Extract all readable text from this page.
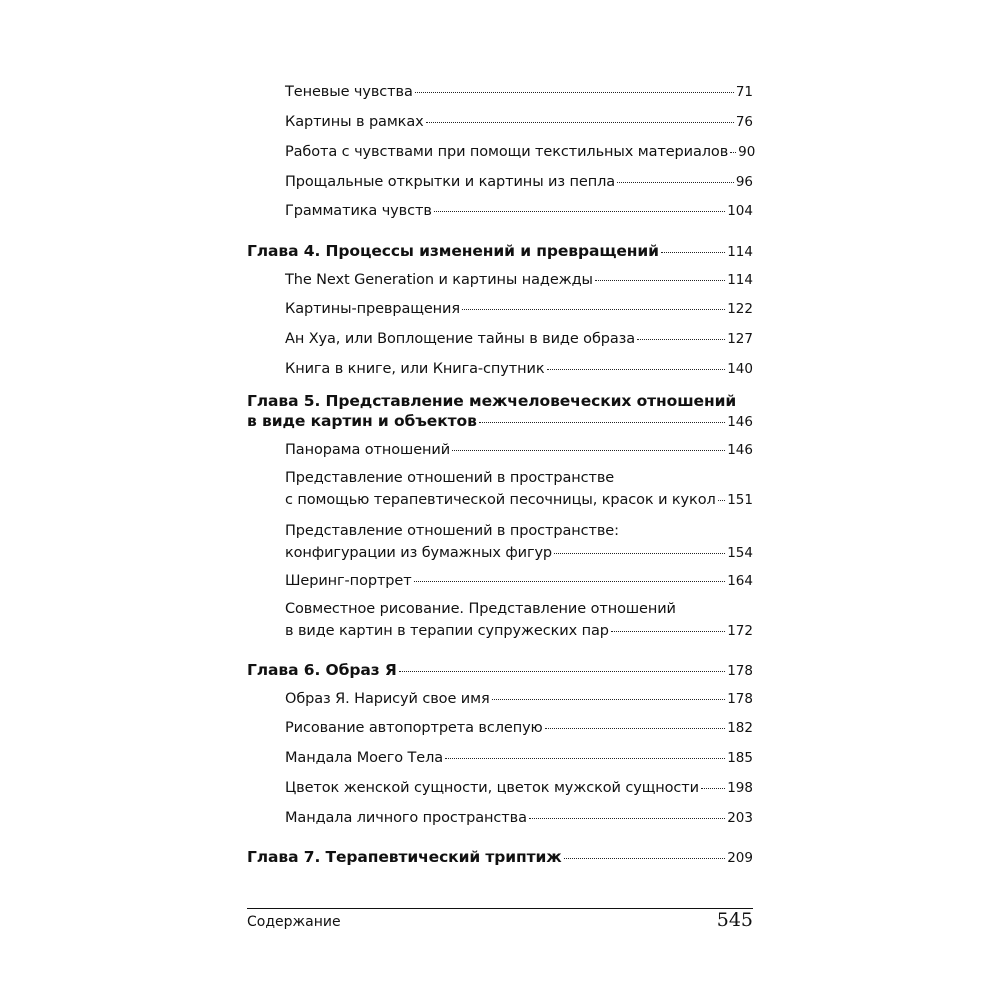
Теневые чувства	71
Картины в рамках	76
Работа с чувствами при помощи текстильных материалов 90
Прощальные открытки и картины из пепла	96
Грамматика чувств	104
Глава 4. Процессы изменений и превращений	114
The Next Generation и картины надежды	114
Картины-превращения	122
Ан Хуа, или Воплощение тайны в виде образа	127
Книга в книге, или Книга-спутник	140
Глава 5. Представление межчеловеческих отношений
в виде картин и объектов	146
Панорама отношений	146
Представление отношений в пространстве
с помощью терапевтической песочницы, красок и кукол 151
Представление отношений в пространстве:
конфигурации из бумажных фигур	154
Шеринг-портрет	164
Совместное рисование. Представление отношений
в виде картин в терапии супружеских пар	172
Глава 6. Образ Я	178
Образ Я. Нарисуй свое имя	178
Рисование автопортрета вслепую	182
Мандала Моего Тела	185
Цветок женской сущности, цветок мужской сущности 198
Мандала личного пространства	203
Глава 7. Терапевтический триптиж	209
Содержание	545
